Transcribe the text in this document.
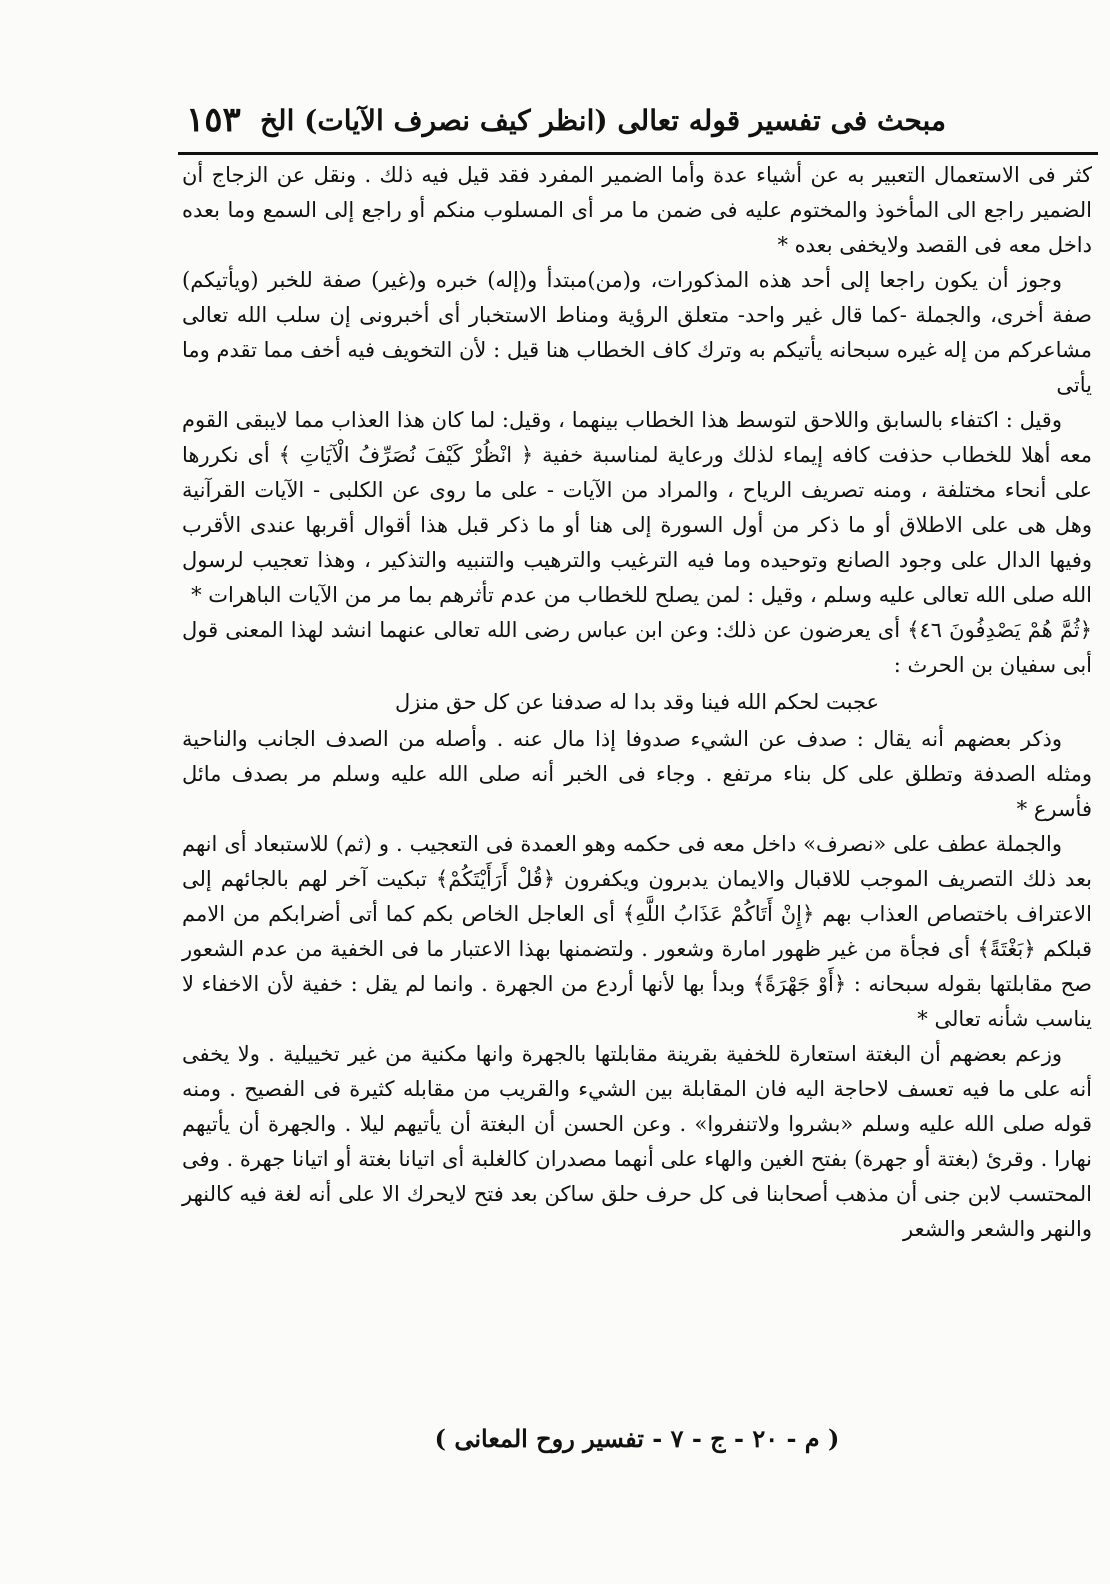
مبحث فى تفسير قوله تعالى (انظر كيف نصرف الآيات) الخ
١٥٣

كثر فى الاستعمال التعبير به عن أشياء عدة وأما الضمير المفرد فقد قيل فيه ذلك . ونقل عن الزجاج أن الضمير راجع الى المأخوذ والمختوم عليه فى ضمن ما مر أى المسلوب منكم أو راجع إلى السمع وما بعده داخل معه فى القصد ولايخفى بعده *

وجوز أن يكون راجعا إلى أحد هذه المذكورات، و(من)مبتدأ و(إله) خبره و(غير) صفة للخبر (ويأتيكم) صفة أخرى، والجملة -كما قال غير واحد- متعلق الرؤية ومناط الاستخبار أى أخبرونى إن سلب الله تعالى مشاعركم من إله غيره سبحانه يأتيكم به وترك كاف الخطاب هنا قيل : لأن التخويف فيه أخف مما تقدم وما يأتى

وقيل : اكتفاء بالسابق واللاحق لتوسط هذا الخطاب بينهما ، وقيل: لما كان هذا العذاب مما لايبقى القوم معه أهلا للخطاب حذفت كافه إيماء لذلك ورعاية لمناسبة خفية ﴿ انْظُرْ كَيْفَ نُصَرِّفُ الْآيَاتِ ﴾ أى نكررها على أنحاء مختلفة ، ومنه تصريف الرياح ، والمراد من الآيات - على ما روى عن الكلبى - الآيات القرآنية وهل هى على الاطلاق أو ما ذكر من أول السورة إلى هنا أو ما ذكر قبل هذا أقوال أقربها عندى الأقرب وفيها الدال على وجود الصانع وتوحيده وما فيه الترغيب والترهيب والتنبيه والتذكير ، وهذا تعجيب لرسول الله صلى الله تعالى عليه وسلم ، وقيل : لمن يصلح للخطاب من عدم تأثرهم بما مر من الآيات الباهرات *

﴿ثُمَّ هُمْ يَصْدِفُونَ ٤٦﴾ أى يعرضون عن ذلك: وعن ابن عباس رضى الله تعالى عنهما انشد لهذا المعنى قول أبى سفيان بن الحرث :

عجبت لحكم الله فينا وقد بدا له صدفنا عن كل حق منزل

وذكر بعضهم أنه يقال : صدف عن الشيء صدوفا إذا مال عنه . وأصله من الصدف الجانب والناحية ومثله الصدفة وتطلق على كل بناء مرتفع . وجاء فى الخبر أنه صلى الله عليه وسلم مر بصدف مائل فأسرع *

والجملة عطف على «نصرف» داخل معه فى حكمه وهو العمدة فى التعجيب . و (ثم) للاستبعاد أى انهم بعد ذلك التصريف الموجب للاقبال والايمان يدبرون ويكفرون ﴿قُلْ أَرَأَيْتَكُمْ﴾ تبكيت آخر لهم بالجائهم إلى الاعتراف باختصاص العذاب بهم ﴿إِنْ أَتَاكُمْ عَذَابُ اللَّهِ﴾ أى العاجل الخاص بكم كما أتى أضرابكم من الامم قبلكم ﴿بَغْتَةً﴾ أى فجأة من غير ظهور امارة وشعور . ولتضمنها بهذا الاعتبار ما فى الخفية من عدم الشعور صح مقابلتها بقوله سبحانه : ﴿أَوْ جَهْرَةً﴾ وبدأ بها لأنها أردع من الجهرة . وانما لم يقل : خفية لأن الاخفاء لا يناسب شأنه تعالى *

وزعم بعضهم أن البغتة استعارة للخفية بقرينة مقابلتها بالجهرة وانها مكنية من غير تخييلية . ولا يخفى أنه على ما فيه تعسف لاحاجة اليه فان المقابلة بين الشيء والقريب من مقابله كثيرة فى الفصيح . ومنه قوله صلى الله عليه وسلم «بشروا ولاتنفروا» . وعن الحسن أن البغتة أن يأتيهم ليلا . والجهرة أن يأتيهم نهارا . وقرئ (بغتة أو جهرة) بفتح الغين والهاء على أنهما مصدران كالغلبة أى اتيانا بغتة أو اتيانا جهرة . وفى المحتسب لابن جنى أن مذهب أصحابنا فى كل حرف حلق ساكن بعد فتح لايحرك الا على أنه لغة فيه كالنهر والنهر والشعر والشعر

( م - ٢٠ - ج - ٧ - تفسير روح المعانى )
